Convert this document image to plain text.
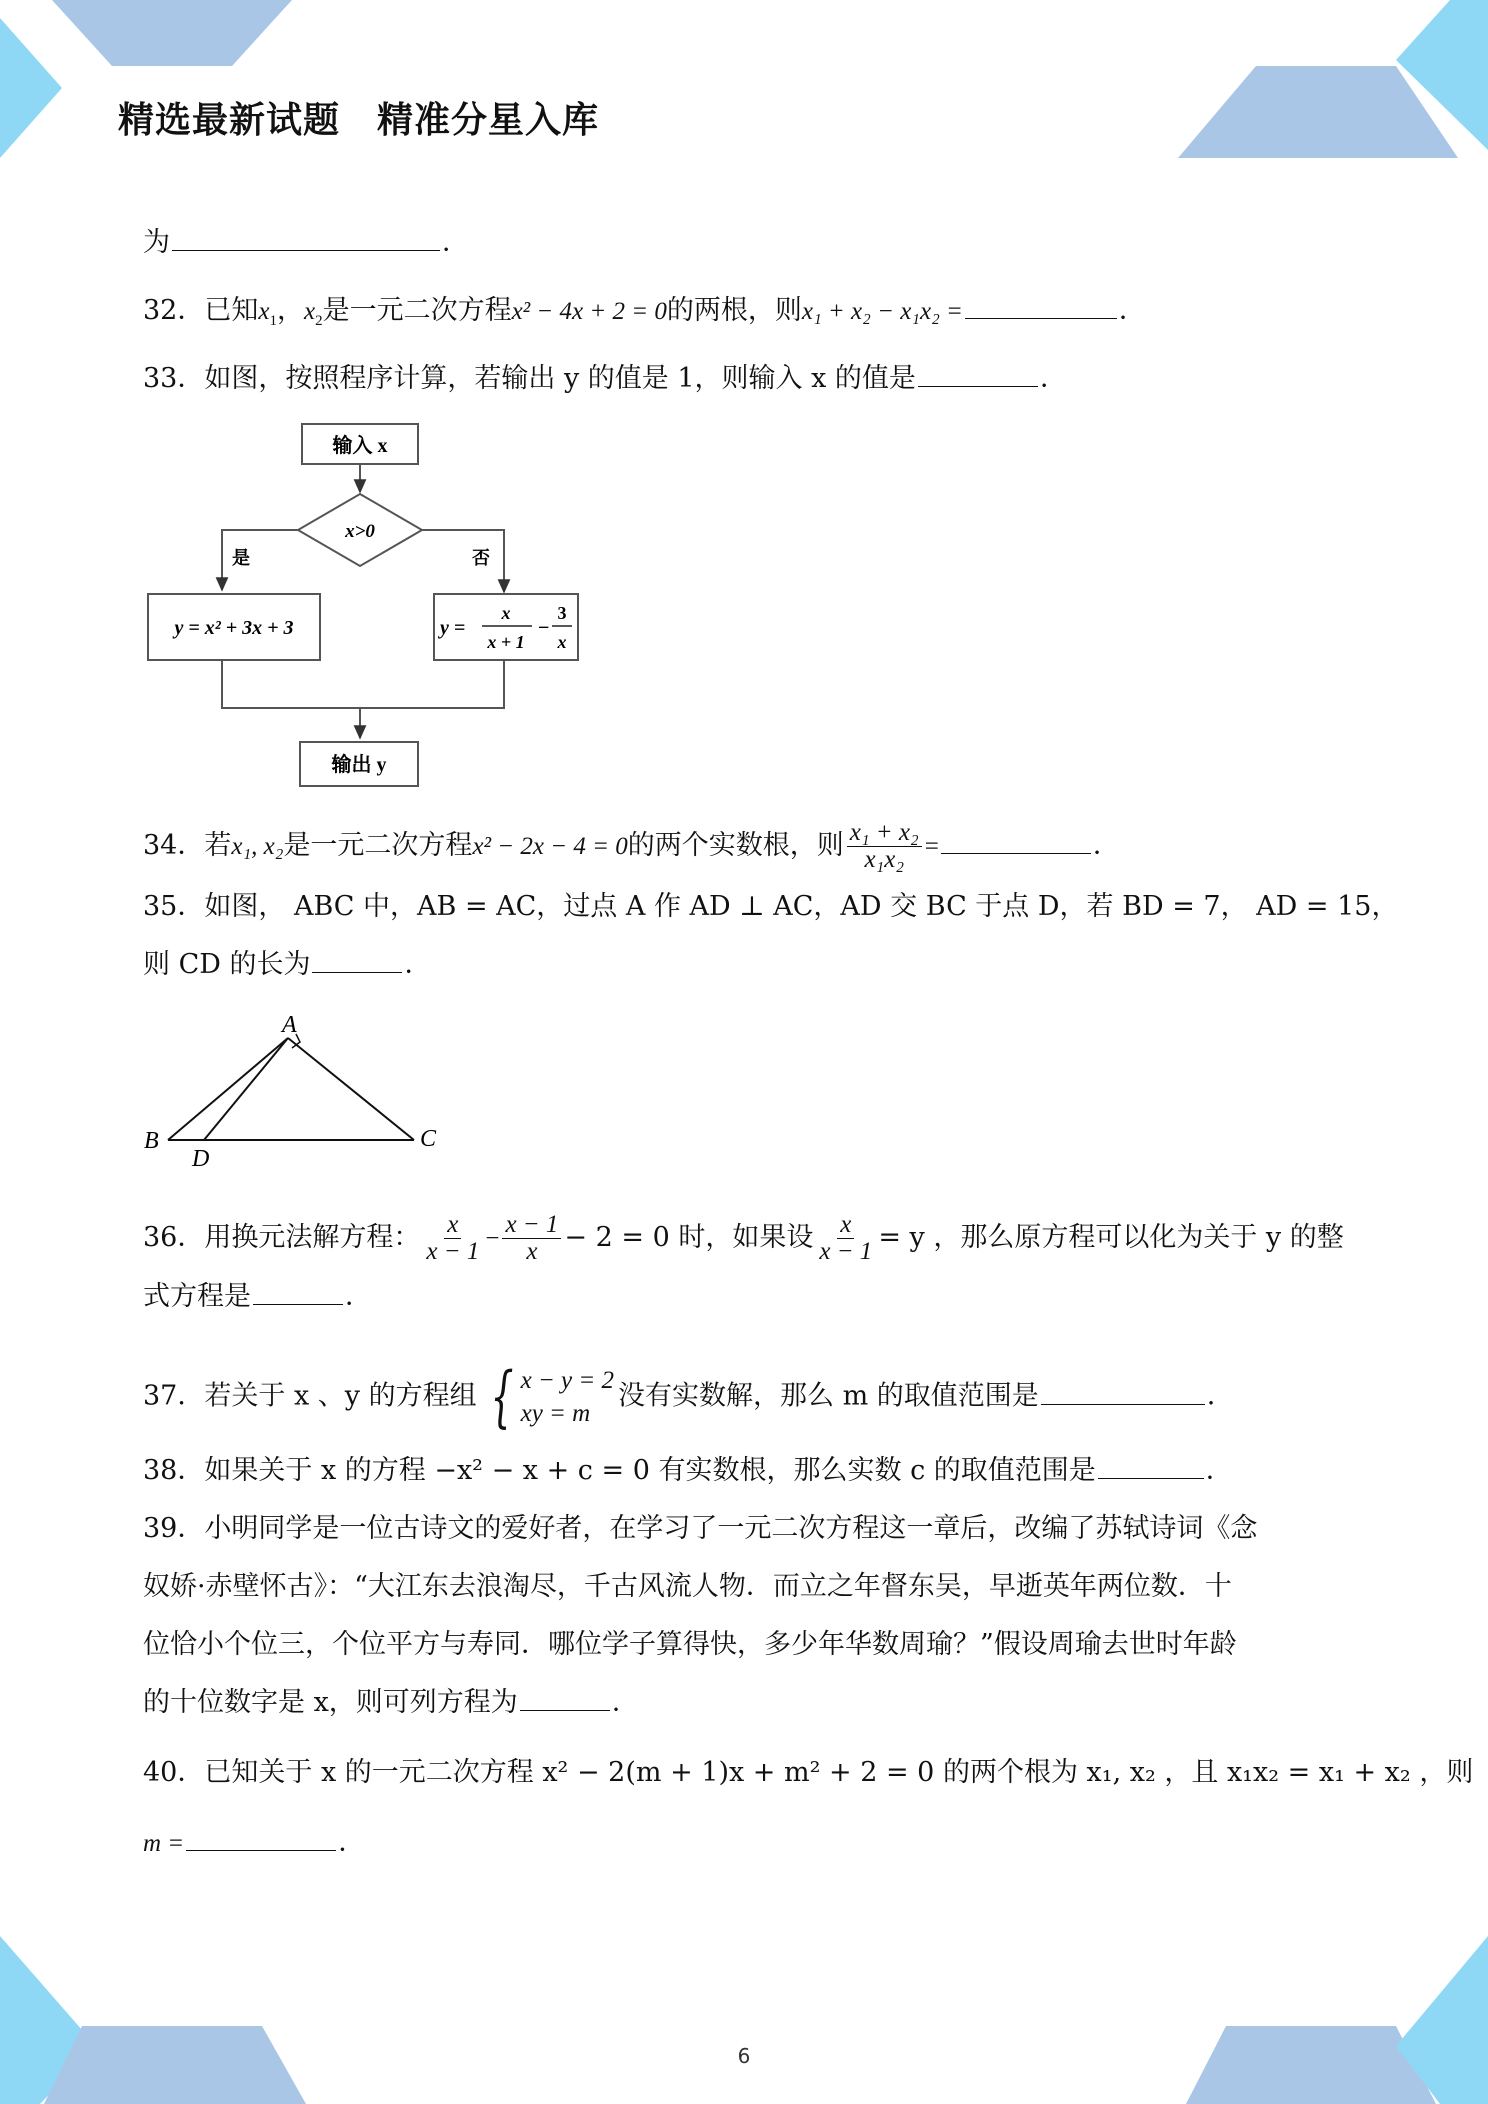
精选最新试题　精准分星入库
为	．
32．已知$x_1$，$x_2$是一元二次方程x² − 4x + 2 = 0的两根，则x₁ + x₂ − x₁x₂ =	．
33．如图，按照程序计算，若输出 y 的值是 1，则输入 x 的值是	．
输入 x
x>0
是	否
y = x² + 3x + 3	y =
x
x + 1
−
3
x
输出 y
34．若x₁, x₂是一元二次方程x² − 2x − 4 = 0的两个实数根，则 $\frac{\text{x₁ + x₂}}{\text{x₁x₂}}$ =	．
35．如图， ABC 中，AB = AC，过点 A 作 AD ⊥ AC，AD 交 BC 于点 D，若 BD = 7， AD = 15，
则 CD 的长为	．
A
B	C
D
36．用换元法解方程： $\frac{x}{x - 1} - \frac{x - 1}{x} - 2 = 0$ 时，如果设 $\frac{x}{x - 1} = y$ ，那么原方程可以化为关于 y 的整
式方程是	．
37．若关于 x 、y 的方程组 { x − y = 2
xy = m
没有实数解，那么 m 的取值范围是	．
38．如果关于 x 的方程 −x² − x + c = 0 有实数根，那么实数 c 的取值范围是	．
39．小明同学是一位古诗文的爱好者，在学习了一元二次方程这一章后，改编了苏轼诗词《念
奴娇·赤壁怀古》：“大江东去浪淘尽，千古风流人物．而立之年督东吴，早逝英年两位数．十
位恰小个位三，个位平方与寿同．哪位学子算得快，多少年华数周瑜？”假设周瑜去世时年龄
的十位数字是 x，则可列方程为	．
40．已知关于 x 的一元二次方程 x² − 2(m + 1)x + m² + 2 = 0 的两个根为 x₁, x₂ ，且 x₁x₂ = x₁ + x₂ ，则
m =	．
6
